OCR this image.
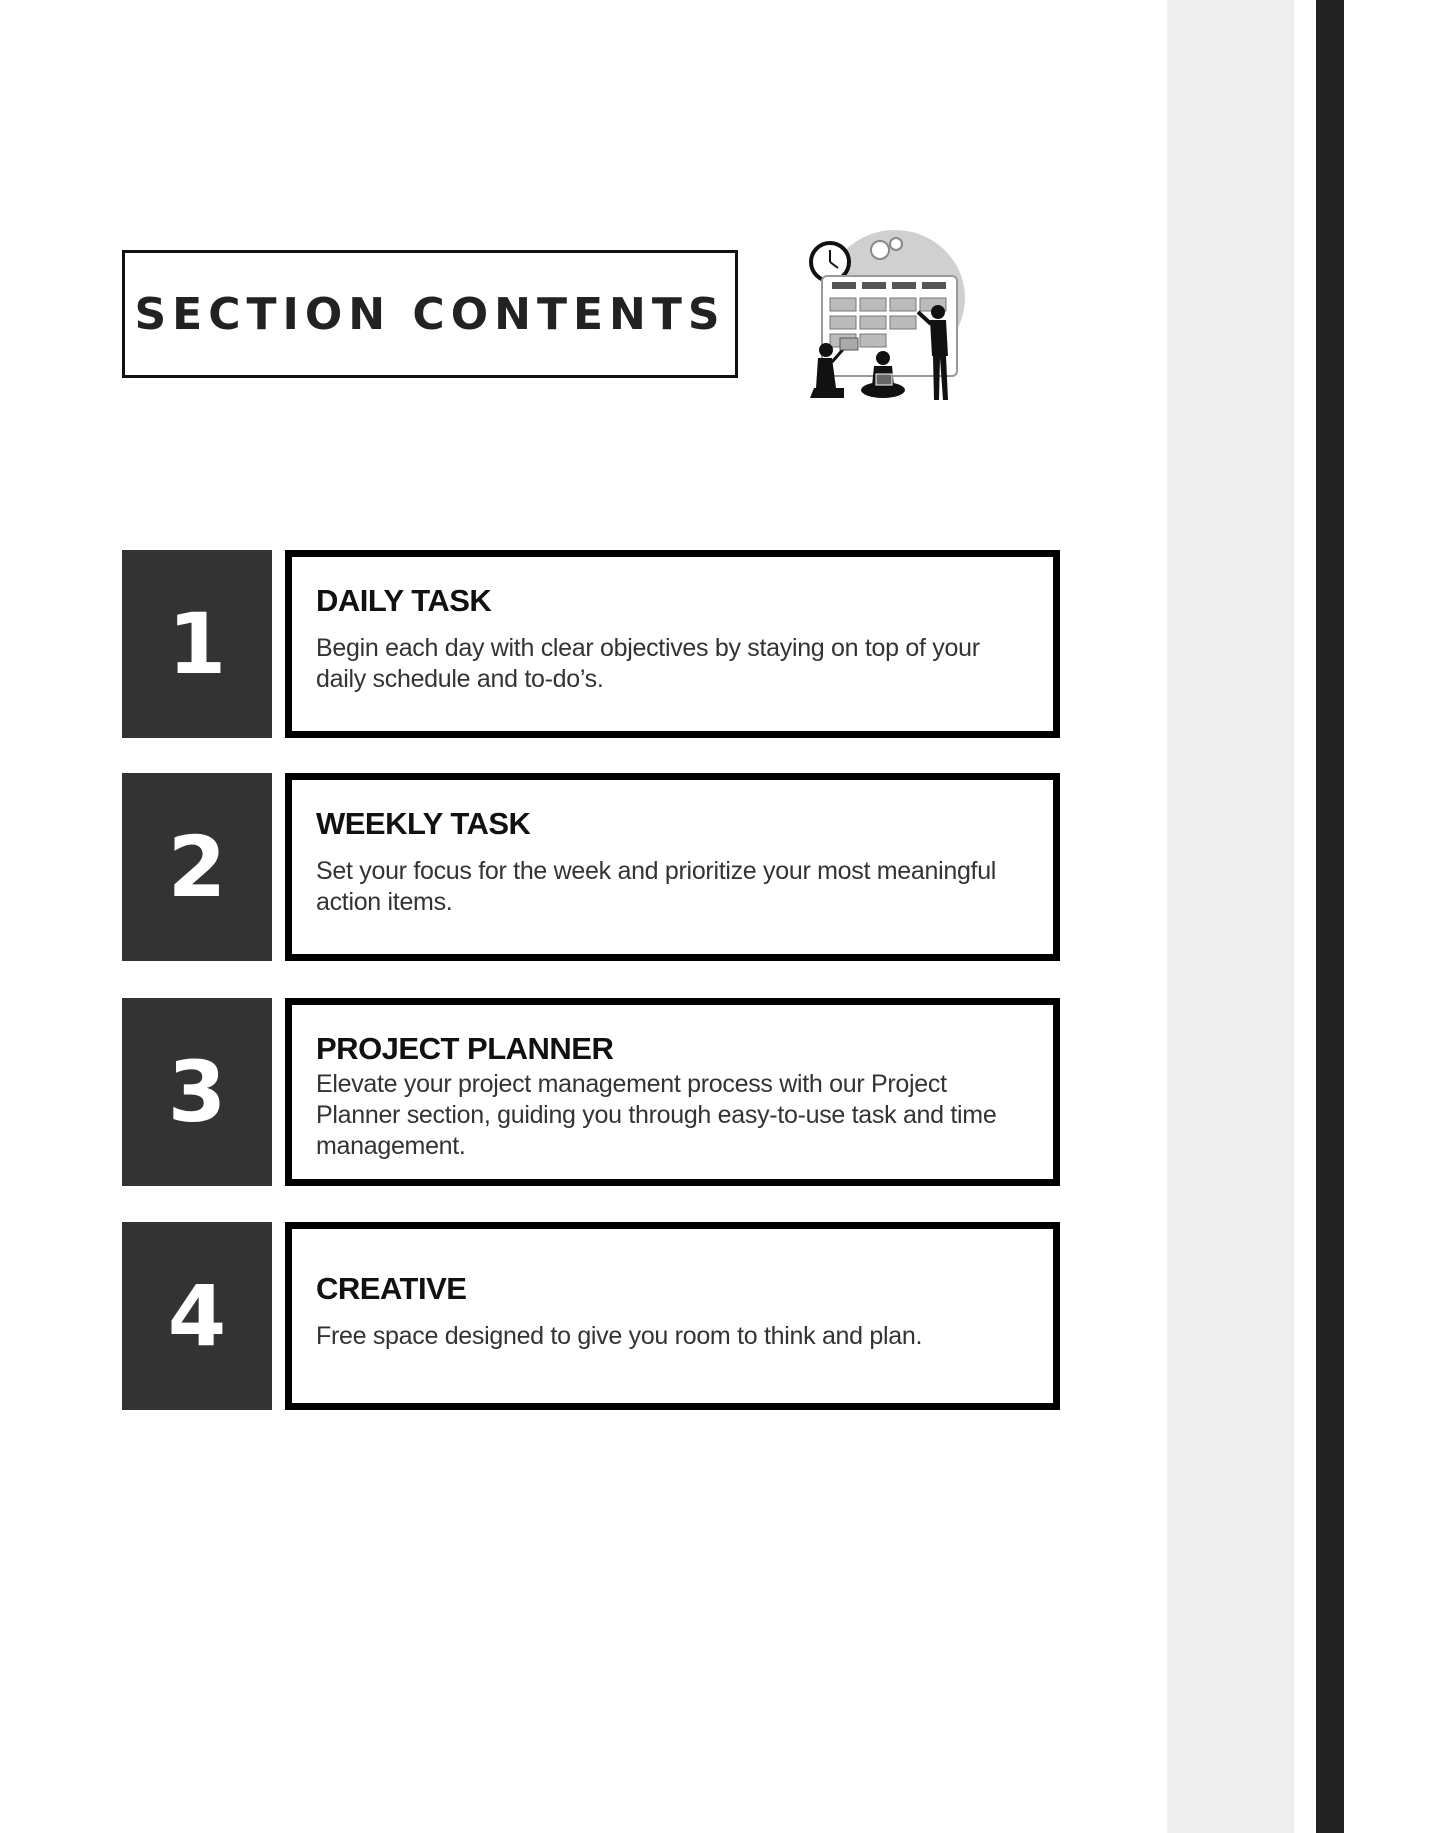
SECTION CONTENTS
1	DAILY TASK
Begin each day with clear objectives by staying on top of your daily schedule and to-do’s.
2	WEEKLY TASK
Set your focus for the week and prioritize your most meaningful action items.
3	PROJECT PLANNER
Elevate your project management process with our Project Planner section, guiding you through easy-to-use task and time management.
4	CREATIVE
Free space designed to give you room to think and plan.
